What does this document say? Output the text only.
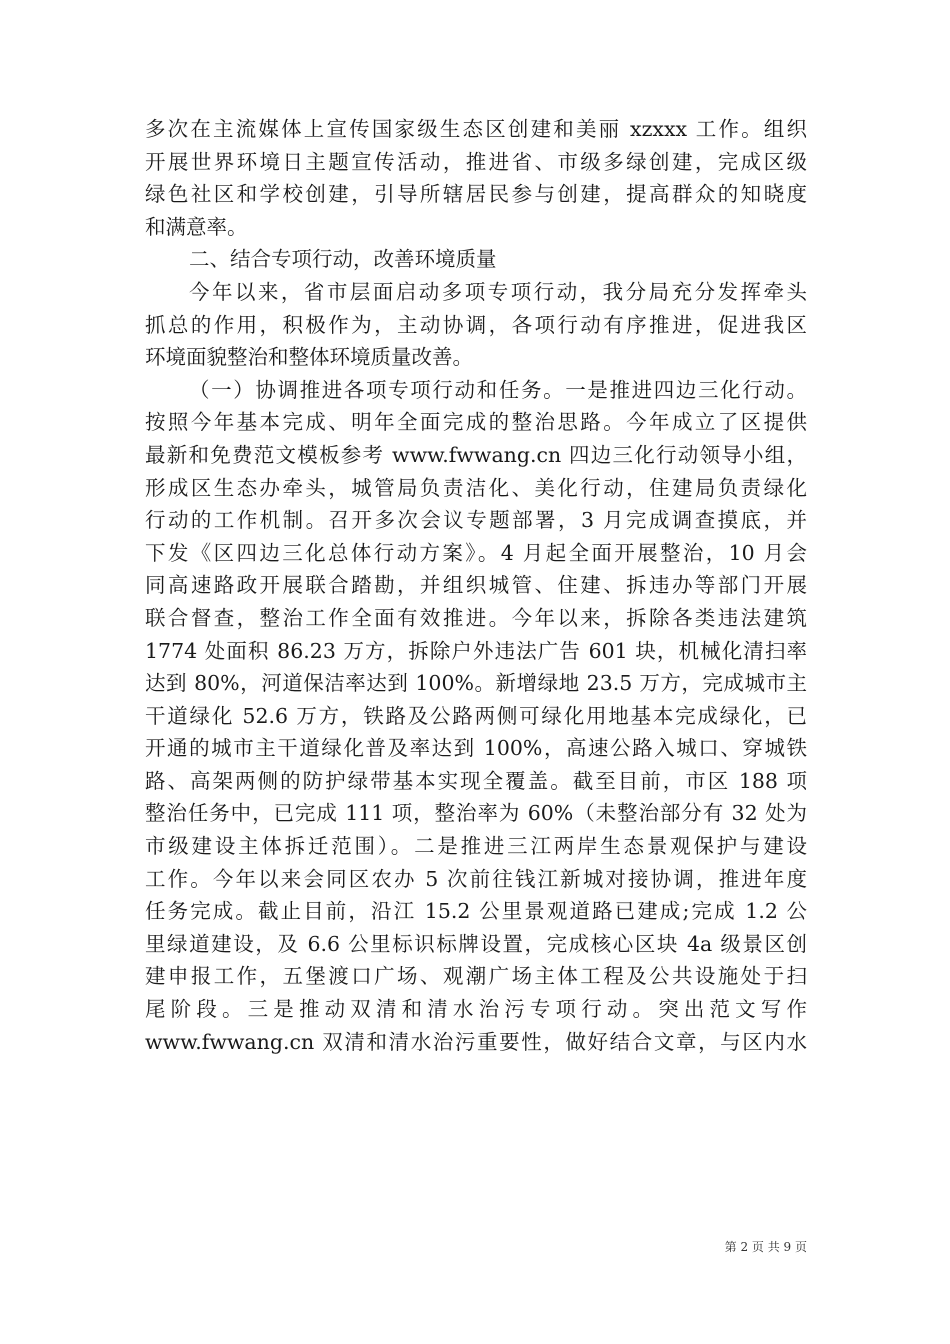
多次在主流媒体上宣传国家级生态区创建和美丽 xzxxx 工作。组织
开展世界环境日主题宣传活动，推进省、市级多绿创建，完成区级
绿色社区和学校创建，引导所辖居民参与创建，提高群众的知晓度
和满意率。
二、结合专项行动，改善环境质量
今年以来，省市层面启动多项专项行动，我分局充分发挥牵头
抓总的作用，积极作为，主动协调，各项行动有序推进，促进我区
环境面貌整治和整体环境质量改善。
（一）协调推进各项专项行动和任务。一是推进四边三化行动。
按照今年基本完成、明年全面完成的整治思路。今年成立了区提供
最新和免费范文模板参考 www.fwwang.cn 四边三化行动领导小组，
形成区生态办牵头，城管局负责洁化、美化行动，住建局负责绿化
行动的工作机制。召开多次会议专题部署，3 月完成调查摸底，并
下发《区四边三化总体行动方案》。4 月起全面开展整治，10 月会
同高速路政开展联合踏勘，并组织城管、住建、拆违办等部门开展
联合督查，整治工作全面有效推进。今年以来，拆除各类违法建筑
1774 处面积 86.23 万方，拆除户外违法广告 601 块，机械化清扫率
达到 80%，河道保洁率达到 100%。新增绿地 23.5 万方，完成城市主
干道绿化 52.6 万方，铁路及公路两侧可绿化用地基本完成绿化，已
开通的城市主干道绿化普及率达到 100%，高速公路入城口、穿城铁
路、高架两侧的防护绿带基本实现全覆盖。截至目前，市区 188 项
整治任务中，已完成 111 项，整治率为 60%（未整治部分有 32 处为
市级建设主体拆迁范围）。二是推进三江两岸生态景观保护与建设
工作。今年以来会同区农办 5 次前往钱江新城对接协调，推进年度
任务完成。截止目前，沿江 15.2 公里景观道路已建成;完成 1.2 公
里绿道建设，及 6.6 公里标识标牌设置，完成核心区块 4a 级景区创
建申报工作，五堡渡口广场、观潮广场主体工程及公共设施处于扫
尾阶段。三是推动双清和清水治污专项行动。突出范文写作
www.fwwang.cn 双清和清水治污重要性，做好结合文章，与区内水
第 2 页 共 9 页
